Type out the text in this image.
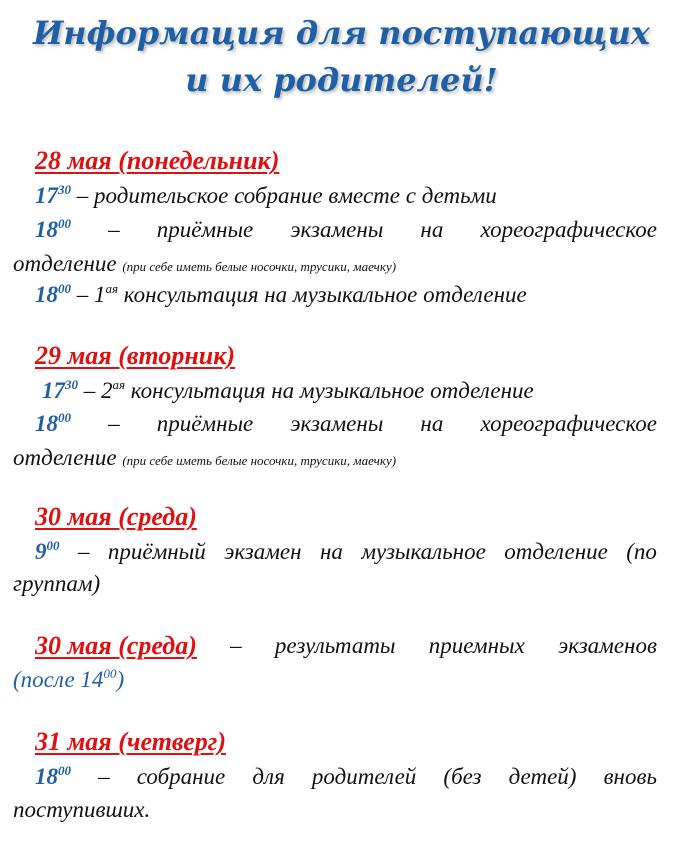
Информация для поступающих
и их родителей!
28 мая (понедельник)
$17^{30}$ – родительское собрание вместе с детьми
$18^{00}$ – приёмные экзамены на хореографическое
отделение (при себе иметь белые носочки, трусики, маечку)
$18^{00} - 1^{ая}$ консультация на музыкальное отделение
29 мая (вторник)
$17^{30} - 2^{ая}$ консультация на музыкальное отделение
$18^{00}$ – приёмные экзамены на хореографическое
отделение (при себе иметь белые носочки, трусики, маечку)
30 мая (среда)
$9^{00}$ – приёмный экзамен на музыкальное отделение (по
группам)
30 мая (среда) – результаты приемных экзаменов
(после $14^{00}$)
31 мая (четверг)
$18^{00}$ – собрание для родителей (без детей) вновь
поступивших.
